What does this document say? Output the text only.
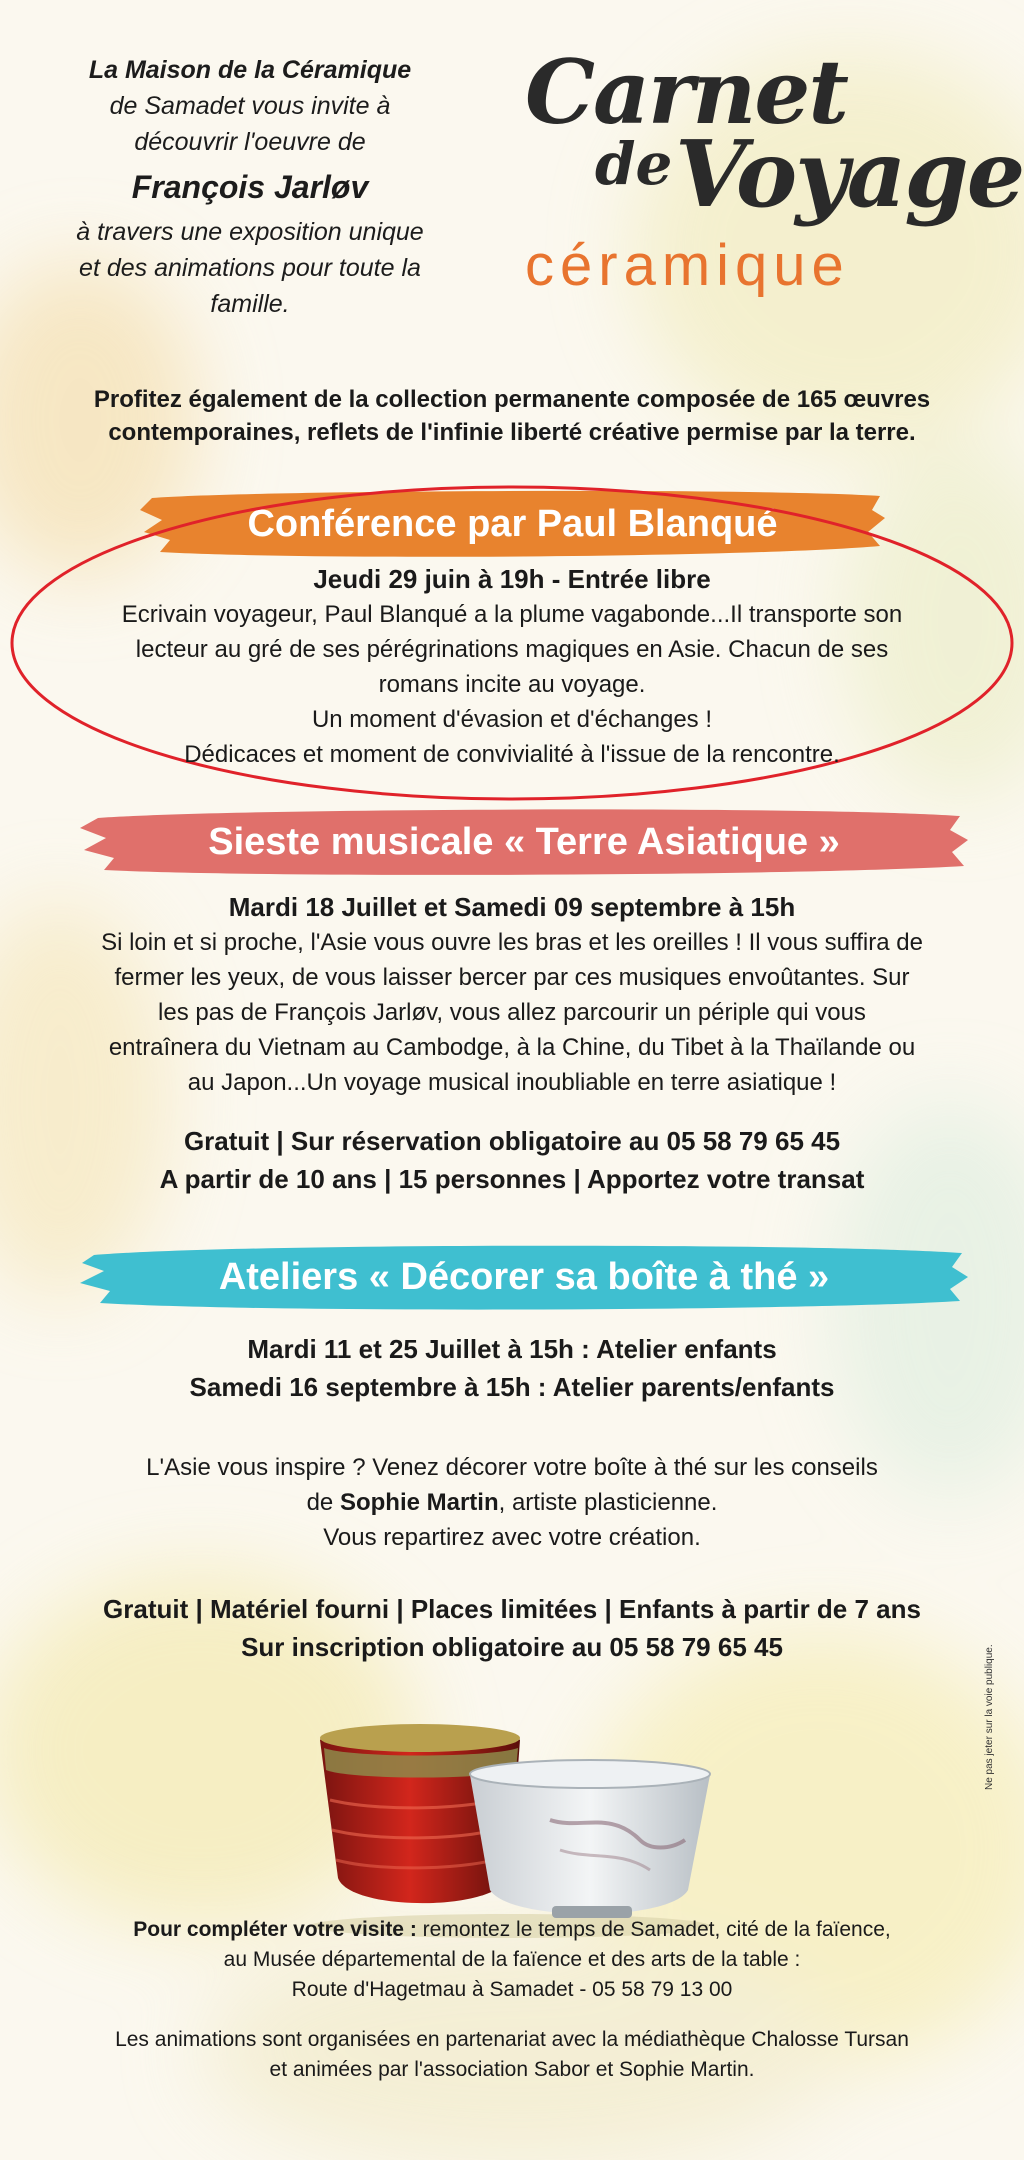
La Maison de la Céramique
de Samadet vous invite à
découvrir l'oeuvre de
François Jarløv
à travers une exposition unique
et des animations pour toute la
famille.
Carnet
de Voyage
céramique
Profitez également de la collection permanente composée de 165 œuvres
contemporaines, reflets de l'infinie liberté créative permise par la terre.
Conférence par Paul Blanqué
Jeudi 29 juin à 19h - Entrée libre
Ecrivain voyageur, Paul Blanqué a la plume vagabonde...Il transporte son
lecteur au gré de ses pérégrinations magiques en Asie. Chacun de ses
romans incite au voyage.
Un moment d'évasion et d'échanges !
Dédicaces et moment de convivialité à l'issue de la rencontre.
Sieste musicale « Terre Asiatique »
Mardi 18 Juillet et Samedi 09 septembre à 15h
Si loin et si proche, l'Asie vous ouvre les bras et les oreilles ! Il vous suffira de
fermer les yeux, de vous laisser bercer par ces musiques envoûtantes. Sur
les pas de François Jarløv, vous allez parcourir un périple qui vous
entraînera du Vietnam au Cambodge, à la Chine, du Tibet à la Thaïlande ou
au Japon...Un voyage musical inoubliable en terre asiatique !
Gratuit | Sur réservation obligatoire au 05 58 79 65 45
A partir de 10 ans | 15 personnes | Apportez votre transat
Ateliers « Décorer sa boîte à thé »
Mardi 11 et 25 Juillet à 15h : Atelier enfants
Samedi 16 septembre à 15h : Atelier parents/enfants
L'Asie vous inspire ? Venez décorer votre boîte à thé sur les conseils
de Sophie Martin, artiste plasticienne.
Vous repartirez avec votre création.
Gratuit | Matériel fourni | Places limitées | Enfants à partir de 7 ans
Sur inscription obligatoire au 05 58 79 65 45	Ne pas jeter sur la voie publique.
Pour compléter votre visite : remontez le temps de Samadet, cité de la faïence,
au Musée départemental de la faïence et des arts de la table :
Route d'Hagetmau à Samadet - 05 58 79 13 00
Les animations sont organisées en partenariat avec la médiathèque Chalosse Tursan
et animées par l'association Sabor et Sophie Martin.
